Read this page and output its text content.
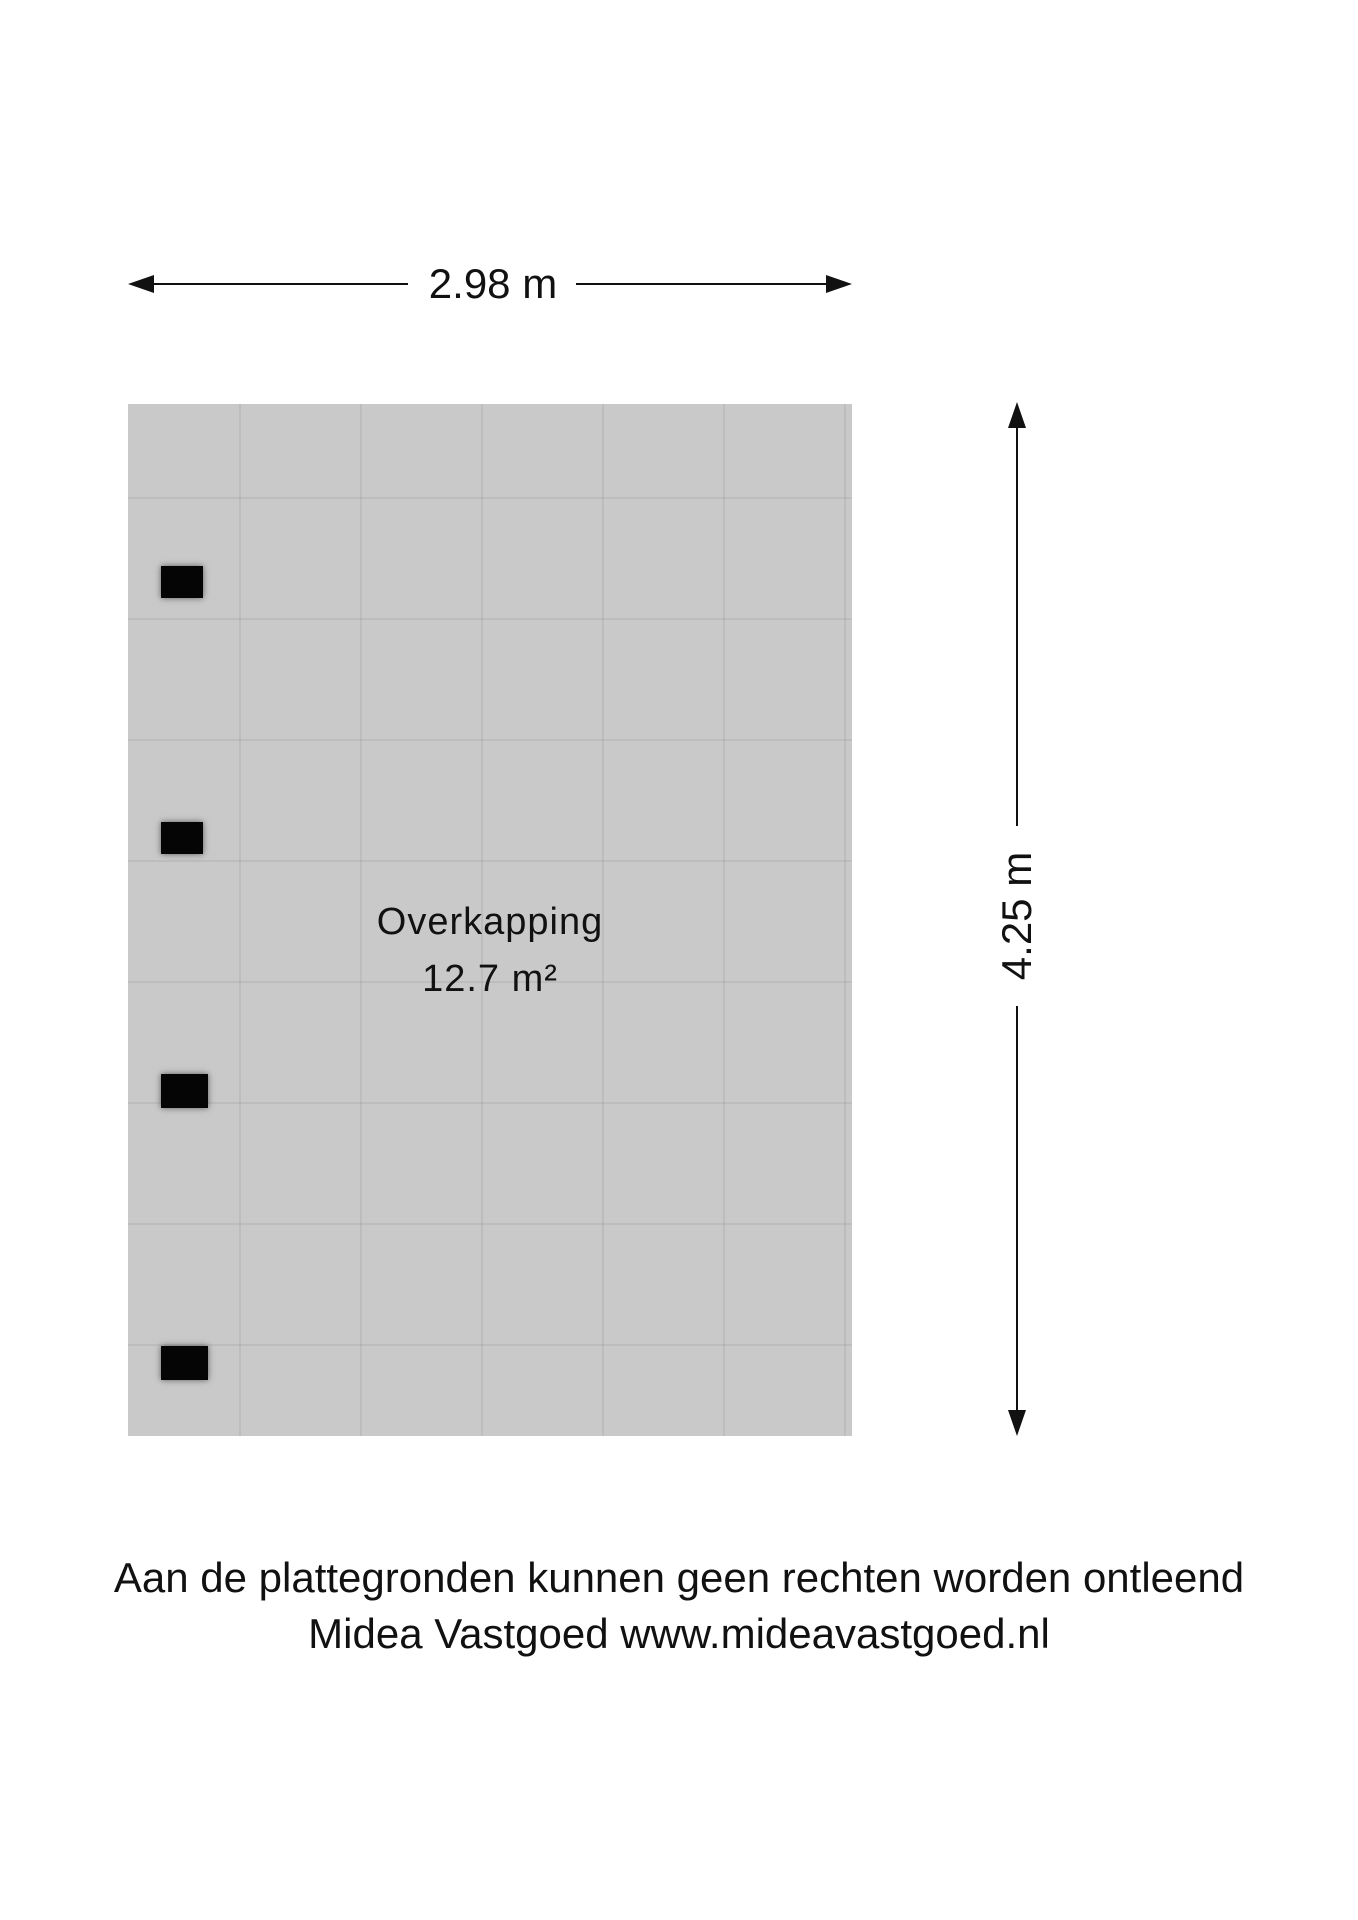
2.98 m
Overkapping
12.7 m²	4.25 m
Aan de plattegronden kunnen geen rechten worden ontleend
Midea Vastgoed www.mideavastgoed.nl
